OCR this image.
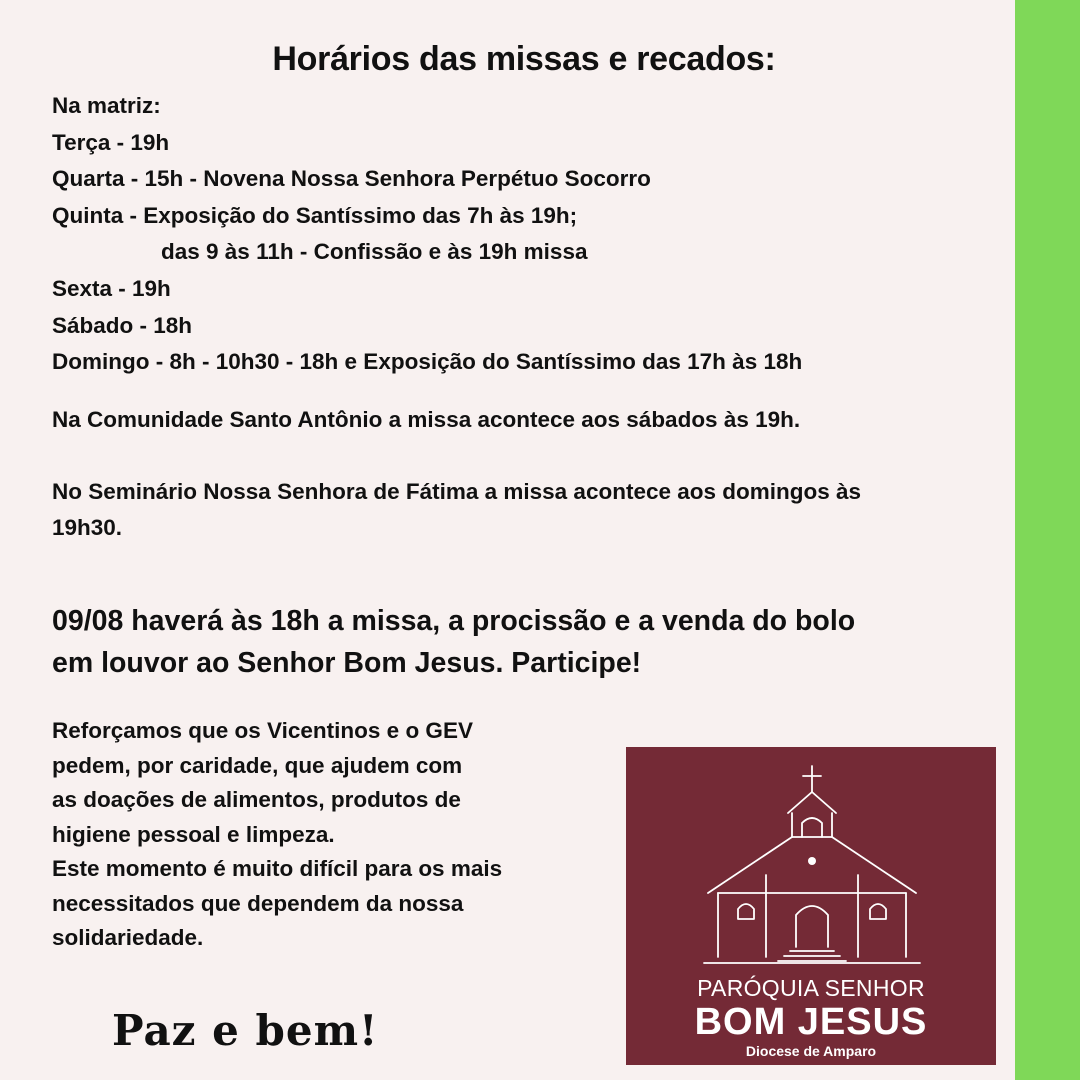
Horários das missas e recados:
Na matriz:
Terça - 19h
Quarta - 15h - Novena Nossa Senhora Perpétuo Socorro
Quinta - Exposição do Santíssimo das 7h às 19h;
das 9 às 11h - Confissão e às 19h missa
Sexta - 19h
Sábado - 18h
Domingo - 8h - 10h30 - 18h e Exposição do Santíssimo das 17h às 18h
Na Comunidade Santo Antônio a missa acontece aos sábados às 19h.
No Seminário Nossa Senhora de Fátima a missa acontece aos domingos às
19h30.
09/08 haverá às 18h a missa, a procissão e a venda do bolo
em louvor ao Senhor Bom Jesus. Participe!
Reforçamos que os Vicentinos e o GEV
pedem, por caridade, que ajudem com
as doações de alimentos, produtos de
higiene pessoal e limpeza.
Este momento é muito difícil para os mais
necessitados que dependem da nossa
solidariedade.
Paz e bem!
PARÓQUIA SENHOR
BOM JESUS
Diocese de Amparo
